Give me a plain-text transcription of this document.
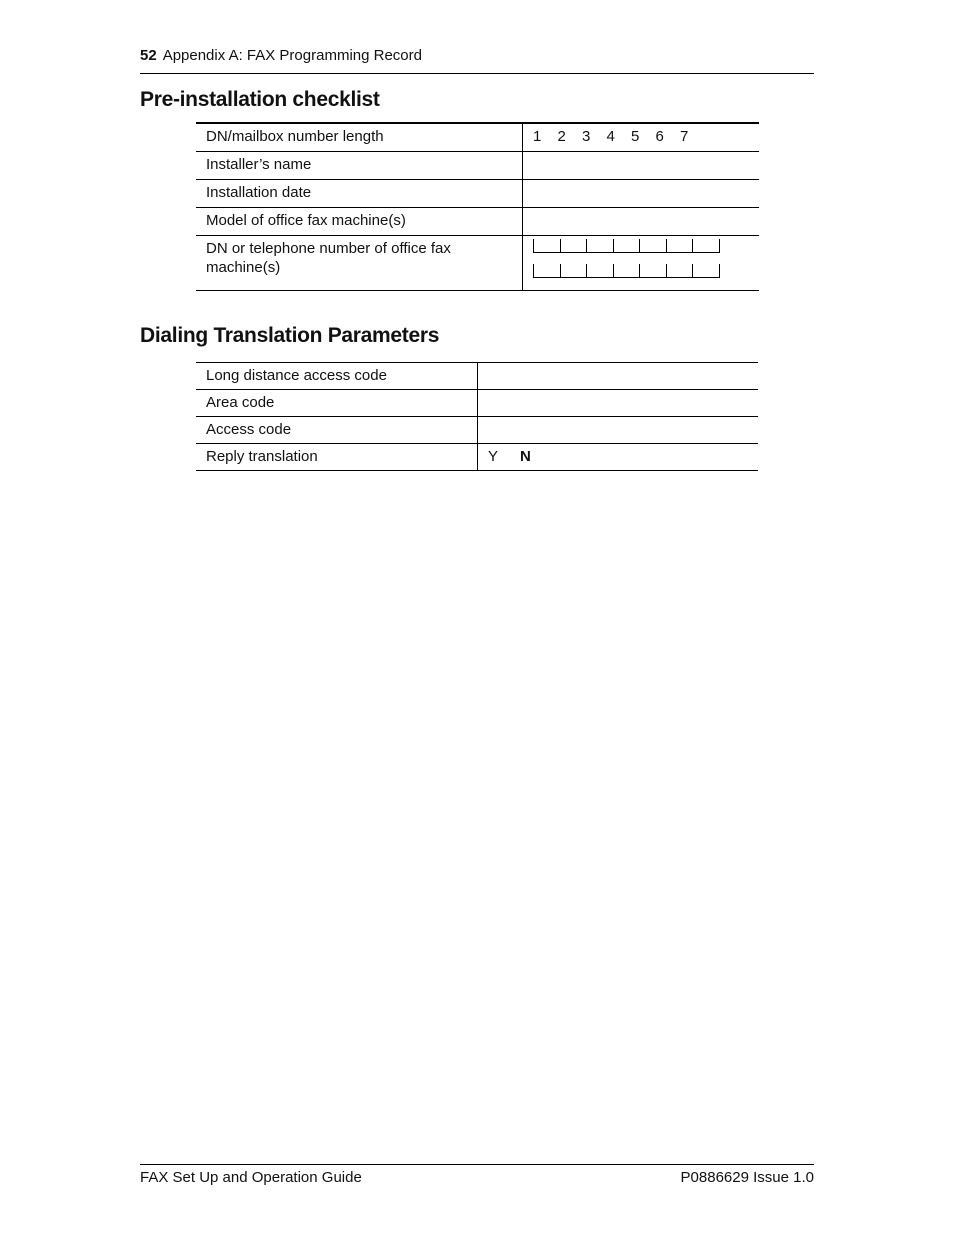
52 Appendix A: FAX Programming Record
Pre-installation checklist
DN/mailbox number length	1 2 3 4 5 6 7
Installer’s name	
Installation date	
Model of office fax machine(s)	
DN or telephone number of office fax machine(s)	
Dialing Translation Parameters
Long distance access code	
Area code	
Access code	
Reply translation	Y N
FAX Set Up and Operation Guide	P0886629 Issue 1.0
